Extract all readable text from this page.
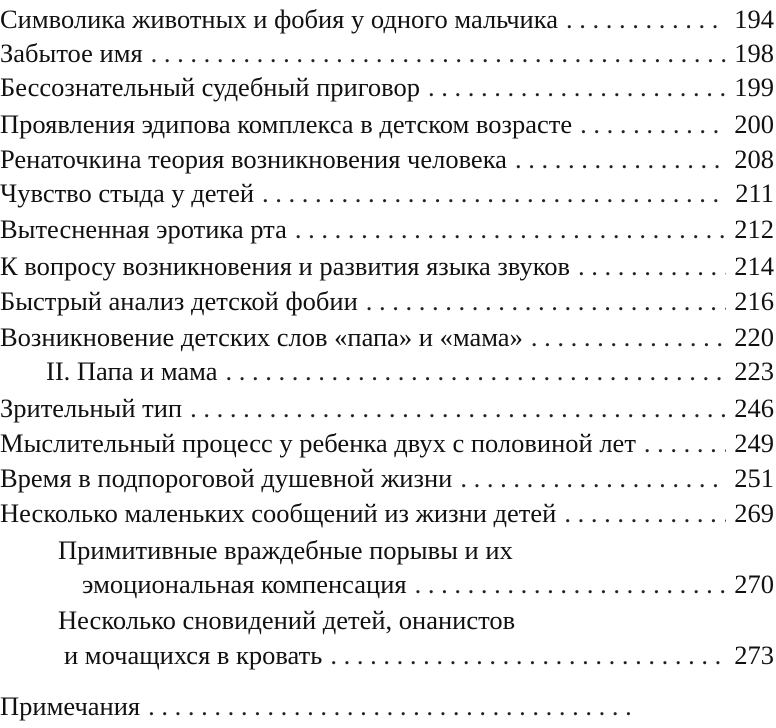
Символика животных и фобия у одного мальчика . . .	194
Забытое имя . . .	198
Бессознательный судебный приговор . . .	199
Проявления эдипова комплекса в детском возрасте . . .	200
Ренаточкина теория возникновения человека . . .	208
Чувство стыда у детей . . .	211
Вытесненная эротика рта . . .	212
К вопросу возникновения и развития языка звуков . . .	214
Быстрый анализ детской фобии . . .	216
Возникновение детских слов «папа» и «мама» . . .	220
II. Папа и мама . . .	223
Зрительный тип . . .	246
Мыслительный процесс у ребенка двух с половиной лет . . .	249
Время в подпороговой душевной жизни . . .	251
Несколько маленьких сообщений из жизни детей . . .	269
Примитивные враждебные порывы и их
эмоциональная компенсация . . .	270
Несколько сновидений детей, онанистов
и мочащихся в кровать . . .	273
Примечания
. . .
